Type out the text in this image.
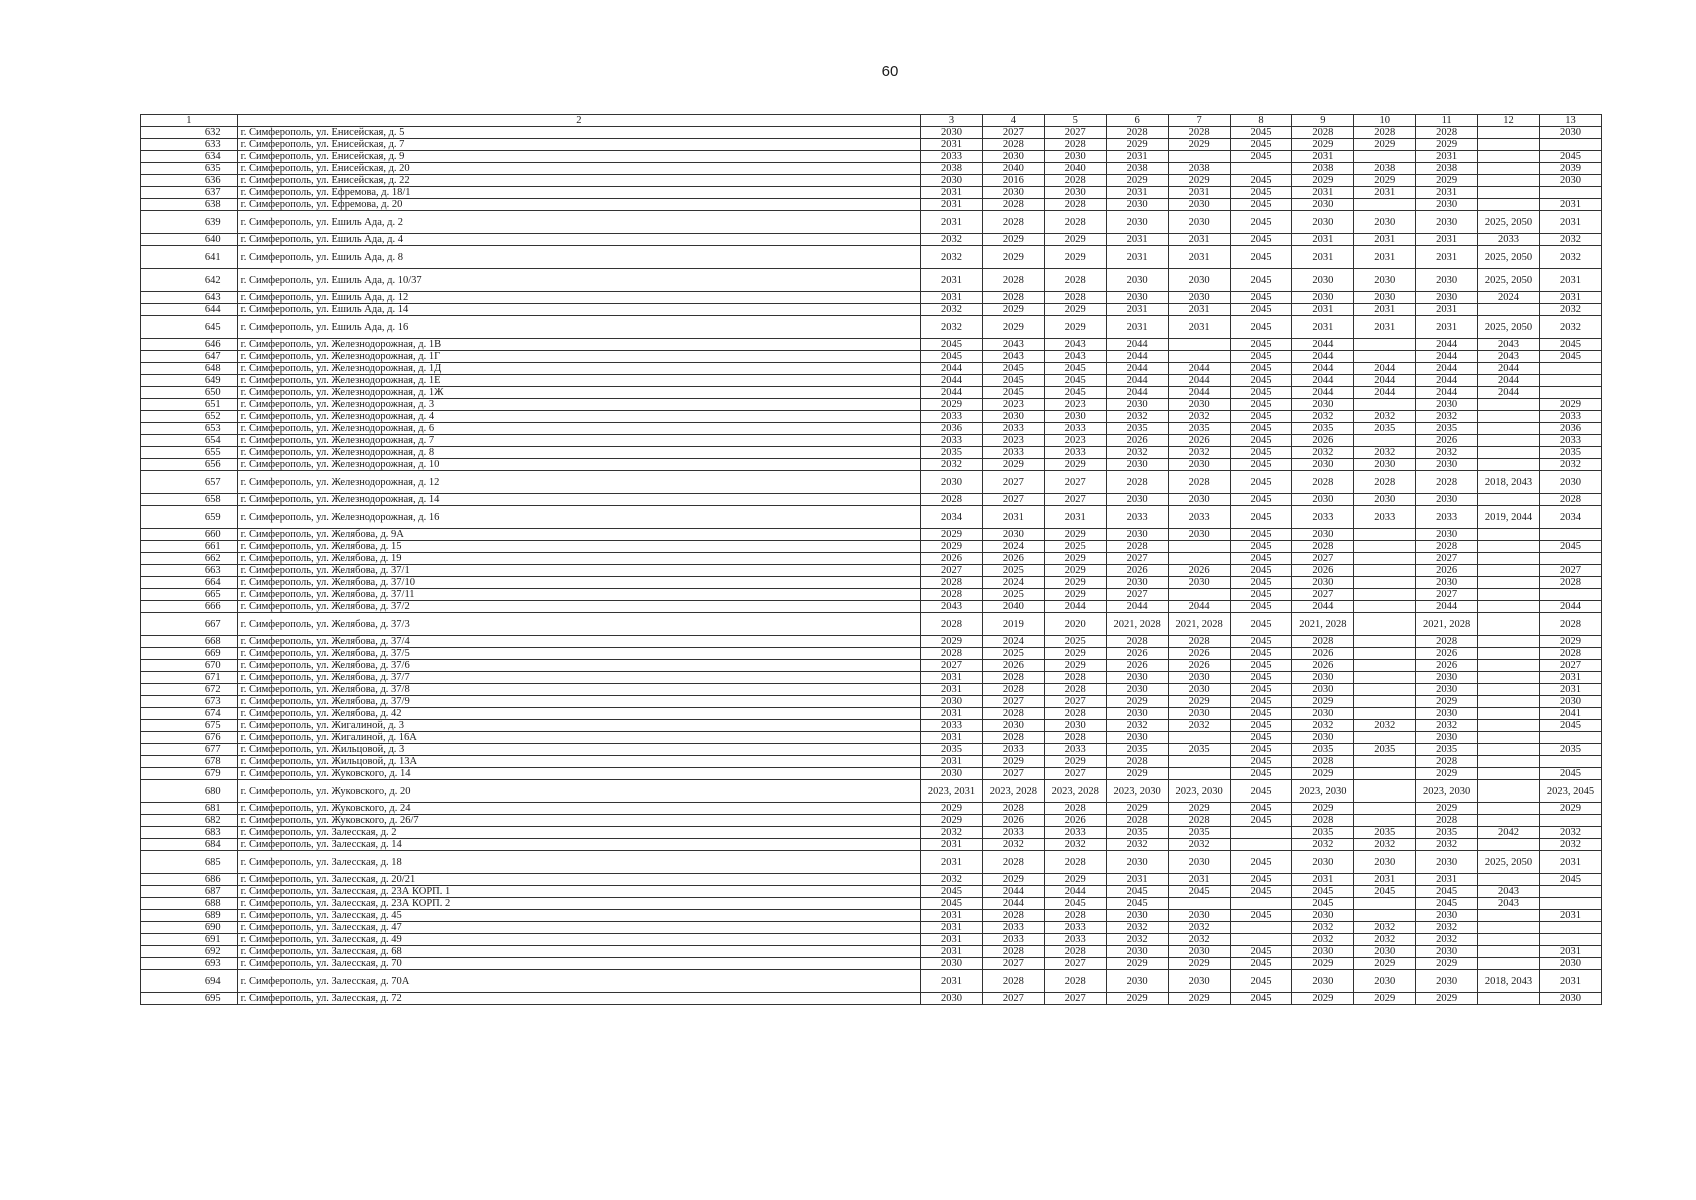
60
1	2	3	4	5	6	7	8	9	10	11	12	13
632	г. Симферополь, ул. Енисейская, д. 5	2030	2027	2027	2028	2028	2045	2028	2028	2028		2030
633	г. Симферополь, ул. Енисейская, д. 7	2031	2028	2028	2029	2029	2045	2029	2029	2029		
634	г. Симферополь, ул. Енисейская, д. 9	2033	2030	2030	2031		2045	2031		2031		2045
635	г. Симферополь, ул. Енисейская, д. 20	2038	2040	2040	2038	2038		2038	2038	2038		2039
636	г. Симферополь, ул. Енисейская, д. 22	2030	2016	2028	2029	2029	2045	2029	2029	2029		2030
637	г. Симферополь, ул. Ефремова, д. 18/1	2031	2030	2030	2031	2031	2045	2031	2031	2031		
638	г. Симферополь, ул. Ефремова, д. 20	2031	2028	2028	2030	2030	2045	2030		2030		2031
639	г. Симферополь, ул. Ешиль Ада, д. 2	2031	2028	2028	2030	2030	2045	2030	2030	2030	2025, 2050	2031
640	г. Симферополь, ул. Ешиль Ада, д. 4	2032	2029	2029	2031	2031	2045	2031	2031	2031	2033	2032
641	г. Симферополь, ул. Ешиль Ада, д. 8	2032	2029	2029	2031	2031	2045	2031	2031	2031	2025, 2050	2032
642	г. Симферополь, ул. Ешиль Ада, д. 10/37	2031	2028	2028	2030	2030	2045	2030	2030	2030	2025, 2050	2031
643	г. Симферополь, ул. Ешиль Ада, д. 12	2031	2028	2028	2030	2030	2045	2030	2030	2030	2024	2031
644	г. Симферополь, ул. Ешиль Ада, д. 14	2032	2029	2029	2031	2031	2045	2031	2031	2031		2032
645	г. Симферополь, ул. Ешиль Ада, д. 16	2032	2029	2029	2031	2031	2045	2031	2031	2031	2025, 2050	2032
646	г. Симферополь, ул. Железнодорожная, д. 1В	2045	2043	2043	2044		2045	2044		2044	2043	2045
647	г. Симферополь, ул. Железнодорожная, д. 1Г	2045	2043	2043	2044		2045	2044		2044	2043	2045
648	г. Симферополь, ул. Железнодорожная, д. 1Д	2044	2045	2045	2044	2044	2045	2044	2044	2044	2044	
649	г. Симферополь, ул. Железнодорожная, д. 1Е	2044	2045	2045	2044	2044	2045	2044	2044	2044	2044	
650	г. Симферополь, ул. Железнодорожная, д. 1Ж	2044	2045	2045	2044	2044	2045	2044	2044	2044	2044	
651	г. Симферополь, ул. Железнодорожная, д. 3	2029	2023	2023	2030	2030	2045	2030		2030		2029
652	г. Симферополь, ул. Железнодорожная, д. 4	2033	2030	2030	2032	2032	2045	2032	2032	2032		2033
653	г. Симферополь, ул. Железнодорожная, д. 6	2036	2033	2033	2035	2035	2045	2035	2035	2035		2036
654	г. Симферополь, ул. Железнодорожная, д. 7	2033	2023	2023	2026	2026	2045	2026		2026		2033
655	г. Симферополь, ул. Железнодорожная, д. 8	2035	2033	2033	2032	2032	2045	2032	2032	2032		2035
656	г. Симферополь, ул. Железнодорожная, д. 10	2032	2029	2029	2030	2030	2045	2030	2030	2030		2032
657	г. Симферополь, ул. Железнодорожная, д. 12	2030	2027	2027	2028	2028	2045	2028	2028	2028	2018, 2043	2030
658	г. Симферополь, ул. Железнодорожная, д. 14	2028	2027	2027	2030	2030	2045	2030	2030	2030		2028
659	г. Симферополь, ул. Железнодорожная, д. 16	2034	2031	2031	2033	2033	2045	2033	2033	2033	2019, 2044	2034
660	г. Симферополь, ул. Желябова, д. 9А	2029	2030	2029	2030	2030	2045	2030		2030		
661	г. Симферополь, ул. Желябова, д. 15	2029	2024	2025	2028		2045	2028		2028		2045
662	г. Симферополь, ул. Желябова, д. 19	2026	2026	2029	2027		2045	2027		2027		
663	г. Симферополь, ул. Желябова, д. 37/1	2027	2025	2029	2026	2026	2045	2026		2026		2027
664	г. Симферополь, ул. Желябова, д. 37/10	2028	2024	2029	2030	2030	2045	2030		2030		2028
665	г. Симферополь, ул. Желябова, д. 37/11	2028	2025	2029	2027		2045	2027		2027		
666	г. Симферополь, ул. Желябова, д. 37/2	2043	2040	2044	2044	2044	2045	2044		2044		2044
667	г. Симферополь, ул. Желябова, д. 37/3	2028	2019	2020	2021, 2028	2021, 2028	2045	2021, 2028		2021, 2028		2028
668	г. Симферополь, ул. Желябова, д. 37/4	2029	2024	2025	2028	2028	2045	2028		2028		2029
669	г. Симферополь, ул. Желябова, д. 37/5	2028	2025	2029	2026	2026	2045	2026		2026		2028
670	г. Симферополь, ул. Желябова, д. 37/6	2027	2026	2029	2026	2026	2045	2026		2026		2027
671	г. Симферополь, ул. Желябова, д. 37/7	2031	2028	2028	2030	2030	2045	2030		2030		2031
672	г. Симферополь, ул. Желябова, д. 37/8	2031	2028	2028	2030	2030	2045	2030		2030		2031
673	г. Симферополь, ул. Желябова, д. 37/9	2030	2027	2027	2029	2029	2045	2029		2029		2030
674	г. Симферополь, ул. Желябова, д. 42	2031	2028	2028	2030	2030	2045	2030		2030		2041
675	г. Симферополь, ул. Жигалиной, д. 3	2033	2030	2030	2032	2032	2045	2032	2032	2032		2045
676	г. Симферополь, ул. Жигалиной, д. 16А	2031	2028	2028	2030		2045	2030		2030		
677	г. Симферополь, ул. Жильцовой, д. 3	2035	2033	2033	2035	2035	2045	2035	2035	2035		2035
678	г. Симферополь, ул. Жильцовой, д. 13А	2031	2029	2029	2028		2045	2028		2028		
679	г. Симферополь, ул. Жуковского, д. 14	2030	2027	2027	2029		2045	2029		2029		2045
680	г. Симферополь, ул. Жуковского, д. 20	2023, 2031	2023, 2028	2023, 2028	2023, 2030	2023, 2030	2045	2023, 2030		2023, 2030		2023, 2045
681	г. Симферополь, ул. Жуковского, д. 24	2029	2028	2028	2029	2029	2045	2029		2029		2029
682	г. Симферополь, ул. Жуковского, д. 26/7	2029	2026	2026	2028	2028	2045	2028		2028		
683	г. Симферополь, ул. Залесская, д. 2	2032	2033	2033	2035	2035		2035	2035	2035	2042	2032
684	г. Симферополь, ул. Залесская, д. 14	2031	2032	2032	2032	2032		2032	2032	2032		2032
685	г. Симферополь, ул. Залесская, д. 18	2031	2028	2028	2030	2030	2045	2030	2030	2030	2025, 2050	2031
686	г. Симферополь, ул. Залесская, д. 20/21	2032	2029	2029	2031	2031	2045	2031	2031	2031		2045
687	г. Симферополь, ул. Залесская, д. 23А КОРП. 1	2045	2044	2044	2045	2045	2045	2045	2045	2045	2043	
688	г. Симферополь, ул. Залесская, д. 23А КОРП. 2	2045	2044	2045	2045			2045		2045	2043	
689	г. Симферополь, ул. Залесская, д. 45	2031	2028	2028	2030	2030	2045	2030		2030		2031
690	г. Симферополь, ул. Залесская, д. 47	2031	2033	2033	2032	2032		2032	2032	2032		
691	г. Симферополь, ул. Залесская, д. 49	2031	2033	2033	2032	2032		2032	2032	2032		
692	г. Симферополь, ул. Залесская, д. 68	2031	2028	2028	2030	2030	2045	2030	2030	2030		2031
693	г. Симферополь, ул. Залесская, д. 70	2030	2027	2027	2029	2029	2045	2029	2029	2029		2030
694	г. Симферополь, ул. Залесская, д. 70А	2031	2028	2028	2030	2030	2045	2030	2030	2030	2018, 2043	2031
695	г. Симферополь, ул. Залесская, д. 72	2030	2027	2027	2029	2029	2045	2029	2029	2029		2030
